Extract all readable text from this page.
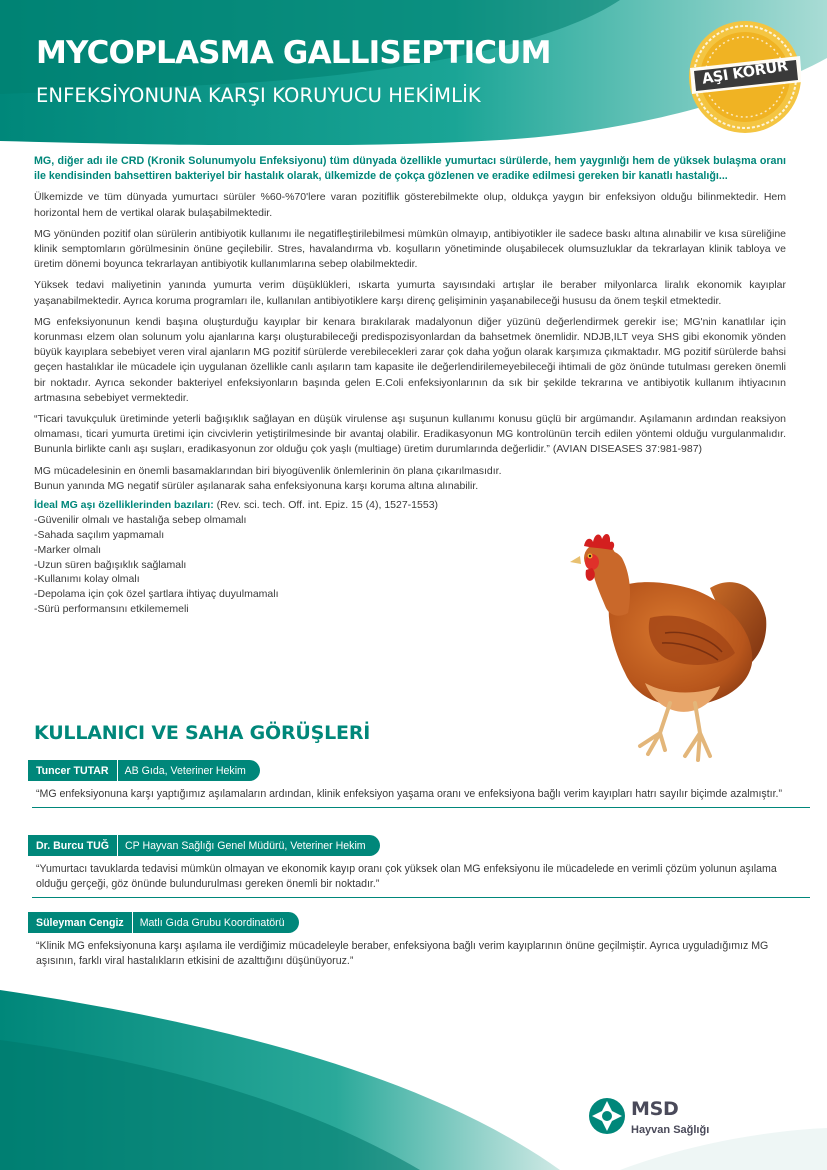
MYCOPLASMA GALLISEPTICUM
ENFEKSİYONUNA KARŞI KORUYUCU HEKİMLİK
AŞI KORUR

MG, diğer adı ile CRD (Kronik Solunumyolu Enfeksiyonu) tüm dünyada özellikle yumurtacı sürülerde, hem yaygınlığı hem de yüksek bulaşma oranı ile kendisinden bahsettiren bakteriyel bir hastalık olarak, ülkemizde de çokça gözlenen ve eradike edilmesi gereken bir kanatlı hastalığı...

Ülkemizde ve tüm dünyada yumurtacı sürüler %60-%70'lere varan pozitiflik gösterebilmekte olup, oldukça yaygın bir enfeksiyon olduğu bilinmektedir. Hem horizontal hem de vertikal olarak bulaşabilmektedir.

MG yönünden pozitif olan sürülerin antibiyotik kullanımı ile negatifleştirilebilmesi mümkün olmayıp, antibiyotikler ile sadece baskı altına alınabilir ve kısa süreliğine klinik semptomların görülmesinin önüne geçilebilir. Stres, havalandırma vb. koşulların yönetiminde oluşabilecek olumsuzluklar da tekrarlayan klinik tabloya ve üretim dönemi boyunca tekrarlayan antibiyotik kullanımlarına sebep olabilmektedir.

Yüksek tedavi maliyetinin yanında yumurta verim düşüklükleri, ıskarta yumurta sayısındaki artışlar ile beraber milyonlarca liralık ekonomik kayıplar yaşanabilmektedir. Ayrıca koruma programları ile, kullanılan antibiyotiklere karşı direnç gelişiminin yaşanabileceği hususu da önem teşkil etmektedir.

MG enfeksiyonunun kendi başına oluşturduğu kayıplar bir kenara bırakılarak madalyonun diğer yüzünü değerlendirmek gerekir ise; MG'nin kanatlılar için korunması elzem olan solunum yolu ajanlarına karşı oluşturabileceği predispozisyonlardan da bahsetmek önemlidir. NDJB,ILT veya SHS gibi ekonomik yönden büyük kayıplara sebebiyet veren viral ajanların MG pozitif sürülerde verebilecekleri zarar çok daha yoğun olarak karşımıza çıkmaktadır. MG pozitif sürülerde bahsi geçen hastalıklar ile mücadele için uygulanan özellikle canlı aşıların tam kapasite ile değerlendirilemeyebileceği ihtimali de göz önünde tutulması gereken önemli bir noktadır. Ayrıca sekonder bakteriyel enfeksiyonların başında gelen E.Coli enfeksiyonlarının da sık bir şekilde tekrarına ve antibiyotik kullanım ihtiyacının artmasına sebebiyet vermektedir.

“Ticari tavukçuluk üretiminde yeterli bağışıklık sağlayan en düşük virulense aşı suşunun kullanımı konusu güçlü bir argümandır. Aşılamanın ardından reaksiyon olmaması, ticari yumurta üretimi için civcivlerin yetiştirilmesinde bir avantaj olabilir. Eradikasyonun MG kontrolünün tercih edilen yöntemi olduğu vurgulanmalıdır. Bununla birlikte canlı aşı suşları, eradikasyonun zor olduğu çok yaşlı (multiage) üretim durumlarında değerlidir.” (AVIAN DISEASES 37:981-987)

MG mücadelesinin en önemli basamaklarından biri biyogüvenlik önlemlerinin ön plana çıkarılmasıdır. Bunun yanında MG negatif sürüler aşılanarak saha enfeksiyonuna karşı koruma altına alınabilir.

İdeal MG aşı özelliklerinden bazıları: (Rev. sci. tech. Off. int. Epiz. 15 (4), 1527-1553)
-Güvenilir olmalı ve hastalığa sebep olmamalı
-Sahada saçılım yapmamalı
-Marker olmalı
-Uzun süren bağışıklık sağlamalı
-Kullanımı kolay olmalı
-Depolama için çok özel şartlara ihtiyaç duyulmamalı
-Sürü performansını etkilememeli
KULLANICI VE SAHA GÖRÜŞLERİ
Tuncer TUTAR	AB Gıda, Veteriner Hekim
“MG enfeksiyonuna karşı yaptığımız aşılamaların ardından, klinik enfeksiyon yaşama oranı ve enfeksiyona bağlı verim kayıpları hatrı sayılır biçimde azalmıştır.”
Dr. Burcu TUĞ	CP Hayvan Sağlığı Genel Müdürü, Veteriner Hekim
“Yumurtacı tavuklarda tedavisi mümkün olmayan ve ekonomik kayıp oranı çok yüksek olan MG enfeksiyonu ile mücadelede en verimli çözüm yolunun aşılama olduğu gerçeği, göz önünde bulundurulması gereken önemli bir noktadır.”
Süleyman Cengiz	Matlı Gıda Grubu Koordinatörü
“Klinik MG enfeksiyonuna karşı aşılama ile verdiğimiz mücadeleyle beraber, enfeksiyona bağlı verim kayıplarının önüne geçilmiştir. Ayrıca uyguladığımız MG aşısının, farklı viral hastalıkların etkisini de azalttığını düşünüyoruz.”
MSD
Hayvan Sağlığı
